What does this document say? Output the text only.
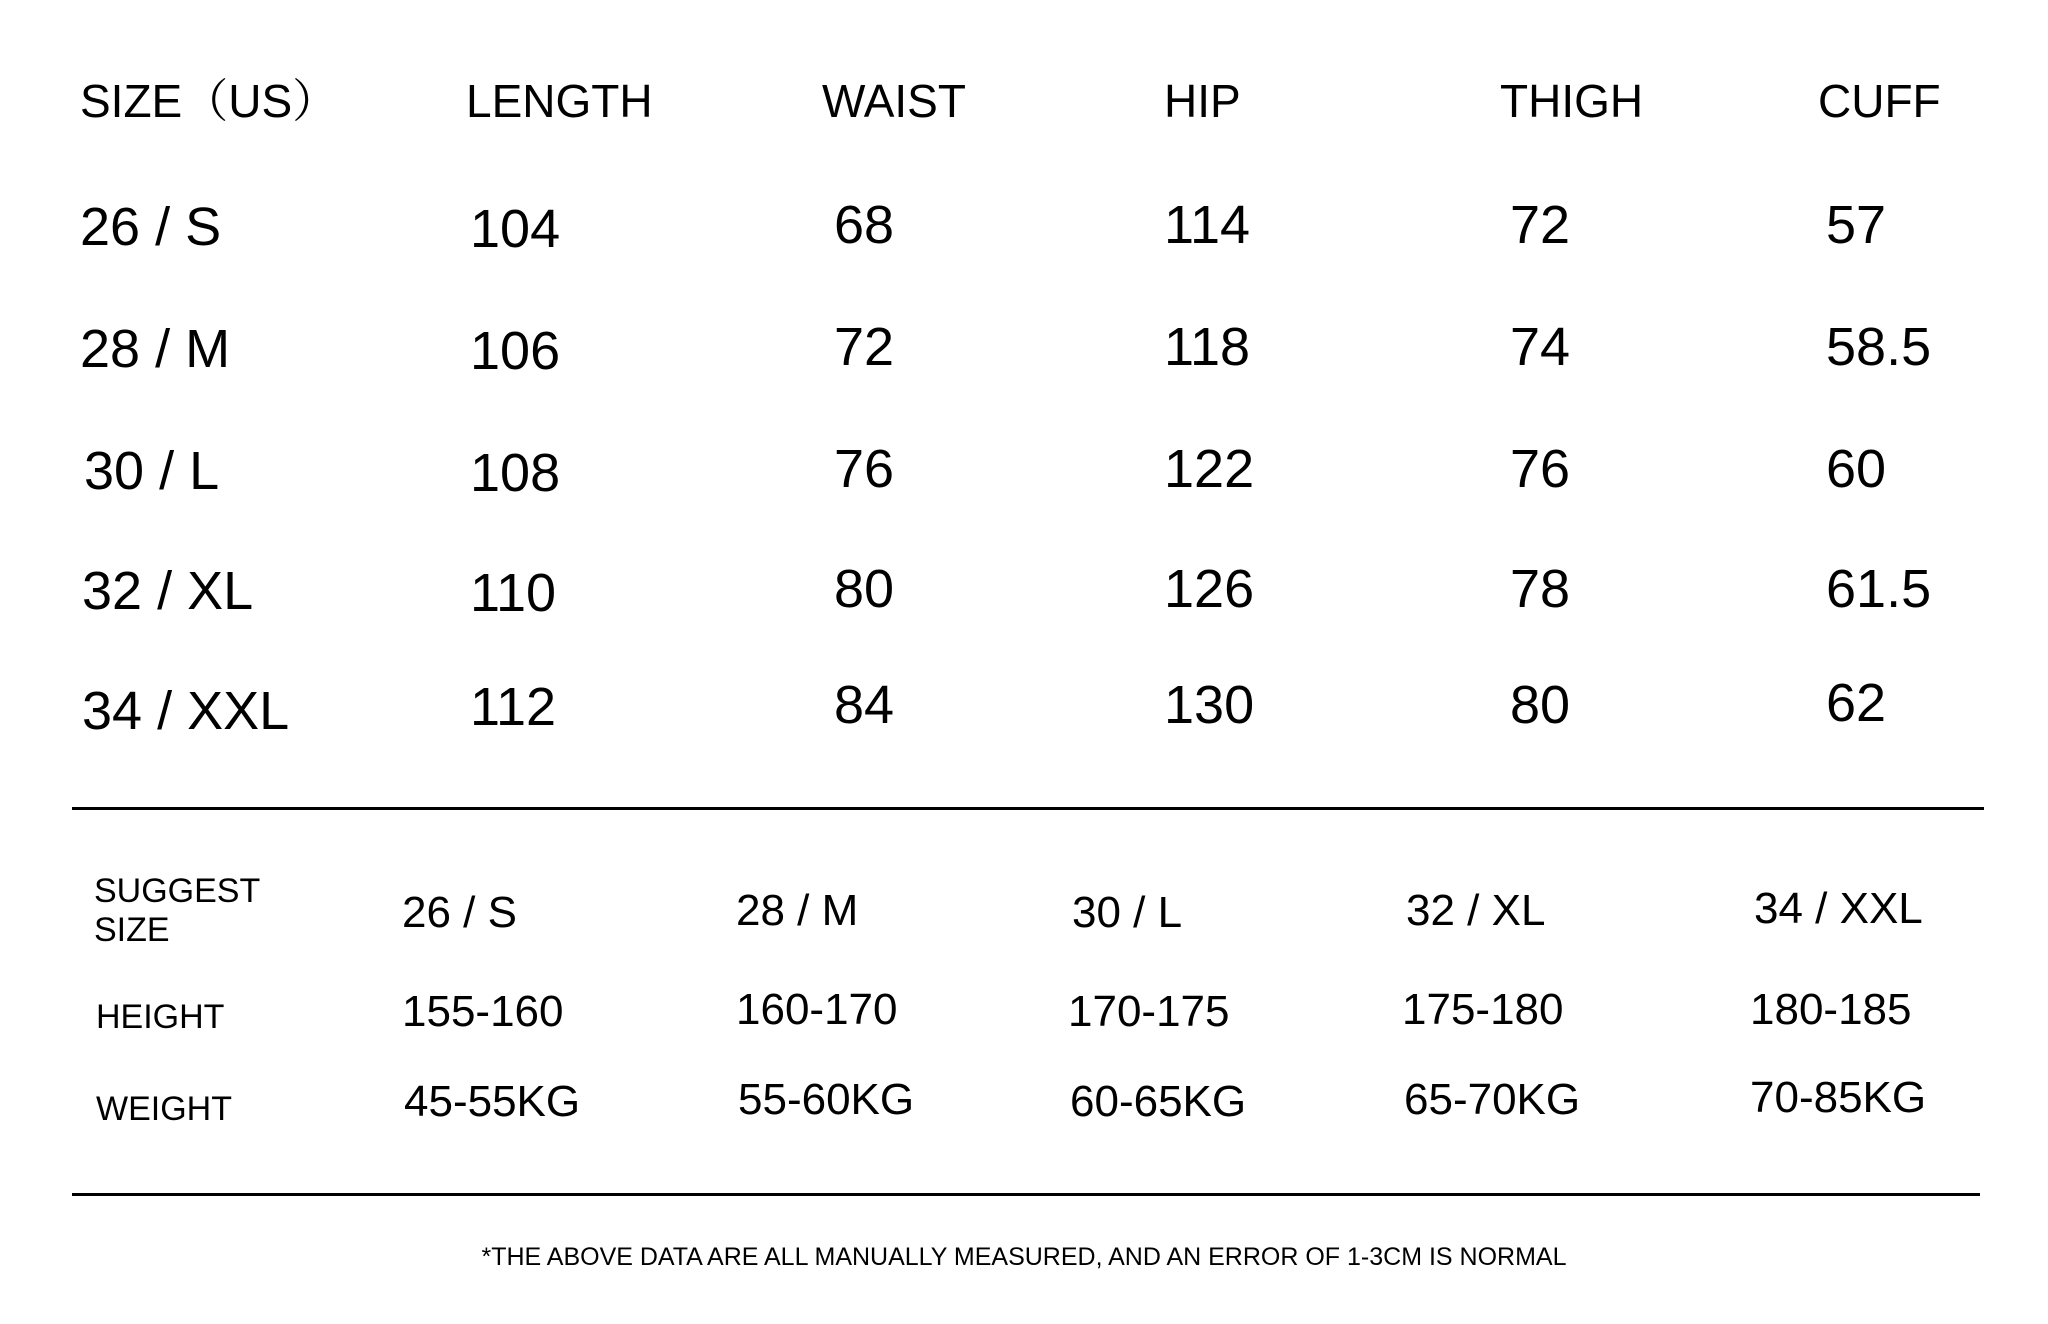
SIZE（US）	LENGTH	WAIST	HIP	THIGH	CUFF
26 / S	104	68	114	72	57
28 / M	106	72	118	74	58.5
30 / L	108	76	122	76	60
32 / XL	110	80	126	78	61.5
34 / XXL	112	84	130	80	62
SUGGEST
SIZE	26 / S	28 / M	30 / L	32 / XL	34 / XXL
HEIGHT	155-160	160-170	170-175	175-180	180-185
WEIGHT	45-55KG	55-60KG	60-65KG	65-70KG	70-85KG
*THE ABOVE DATA ARE ALL MANUALLY MEASURED, AND AN ERROR OF 1-3CM IS NORMAL
